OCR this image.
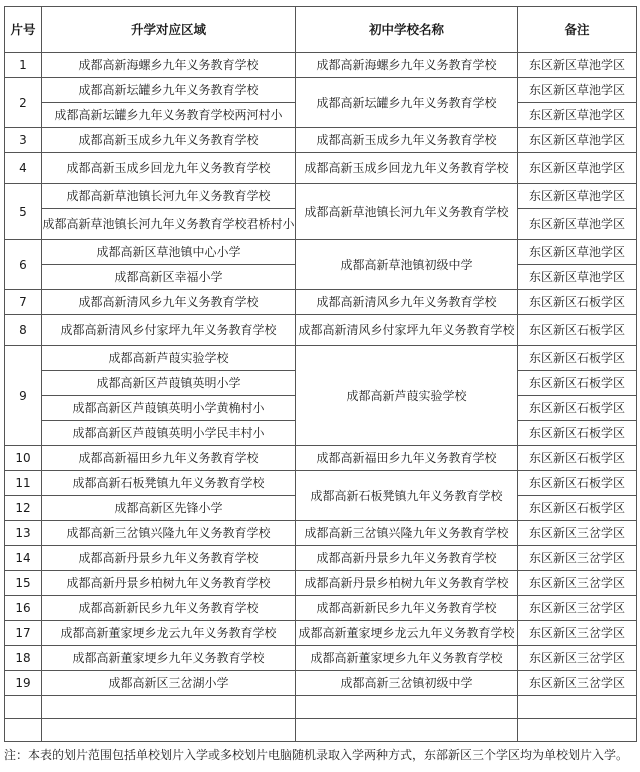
片号	升学对应区域	初中学校名称	备注
1	成都高新海螺乡九年义务教育学校	成都高新海螺乡九年义务教育学校	东区新区草池学区
2	成都高新坛罐乡九年义务教育学校	成都高新坛罐乡九年义务教育学校	东区新区草池学区
	成都高新坛罐乡九年义务教育学校两河村小		东区新区草池学区
3	成都高新玉成乡九年义务教育学校	成都高新玉成乡九年义务教育学校	东区新区草池学区
4	成都高新玉成乡回龙九年义务教育学校	成都高新玉成乡回龙九年义务教育学校	东区新区草池学区
5	成都高新草池镇长河九年义务教育学校	成都高新草池镇长河九年义务教育学校	东区新区草池学区
	成都高新草池镇长河九年义务教育学校君桥村小		东区新区草池学区
6	成都高新区草池镇中心小学	成都高新草池镇初级中学	东区新区草池学区
	成都高新区幸福小学		东区新区草池学区
7	成都高新清风乡九年义务教育学校	成都高新清风乡九年义务教育学校	东区新区石板学区
8	成都高新清风乡付家坪九年义务教育学校	成都高新清风乡付家坪九年义务教育学校	东区新区石板学区
9	成都高新芦葭实验学校	成都高新芦葭实验学校	东区新区石板学区
	成都高新区芦葭镇英明小学		东区新区石板学区
	成都高新区芦葭镇英明小学黄桷村小		东区新区石板学区
	成都高新区芦葭镇英明小学民丰村小		东区新区石板学区
10	成都高新福田乡九年义务教育学校	成都高新福田乡九年义务教育学校	东区新区石板学区
11	成都高新石板凳镇九年义务教育学校	成都高新石板凳镇九年义务教育学校	东区新区石板学区
12	成都高新区先锋小学		东区新区石板学区
13	成都高新三岔镇兴隆九年义务教育学校	成都高新三岔镇兴隆九年义务教育学校	东区新区三岔学区
14	成都高新丹景乡九年义务教育学校	成都高新丹景乡九年义务教育学校	东区新区三岔学区
15	成都高新丹景乡柏树九年义务教育学校	成都高新丹景乡柏树九年义务教育学校	东区新区三岔学区
16	成都高新新民乡九年义务教育学校	成都高新新民乡九年义务教育学校	东区新区三岔学区
17	成都高新董家埂乡龙云九年义务教育学校	成都高新董家埂乡龙云九年义务教育学校	东区新区三岔学区
18	成都高新董家埂乡九年义务教育学校	成都高新董家埂乡九年义务教育学校	东区新区三岔学区
19	成都高新区三岔湖小学	成都高新三岔镇初级中学	东区新区三岔学区

注：本表的划片范围包括单校划片入学或多校划片电脑随机录取入学两种方式，东部新区三个学区均为单校划片入学。
